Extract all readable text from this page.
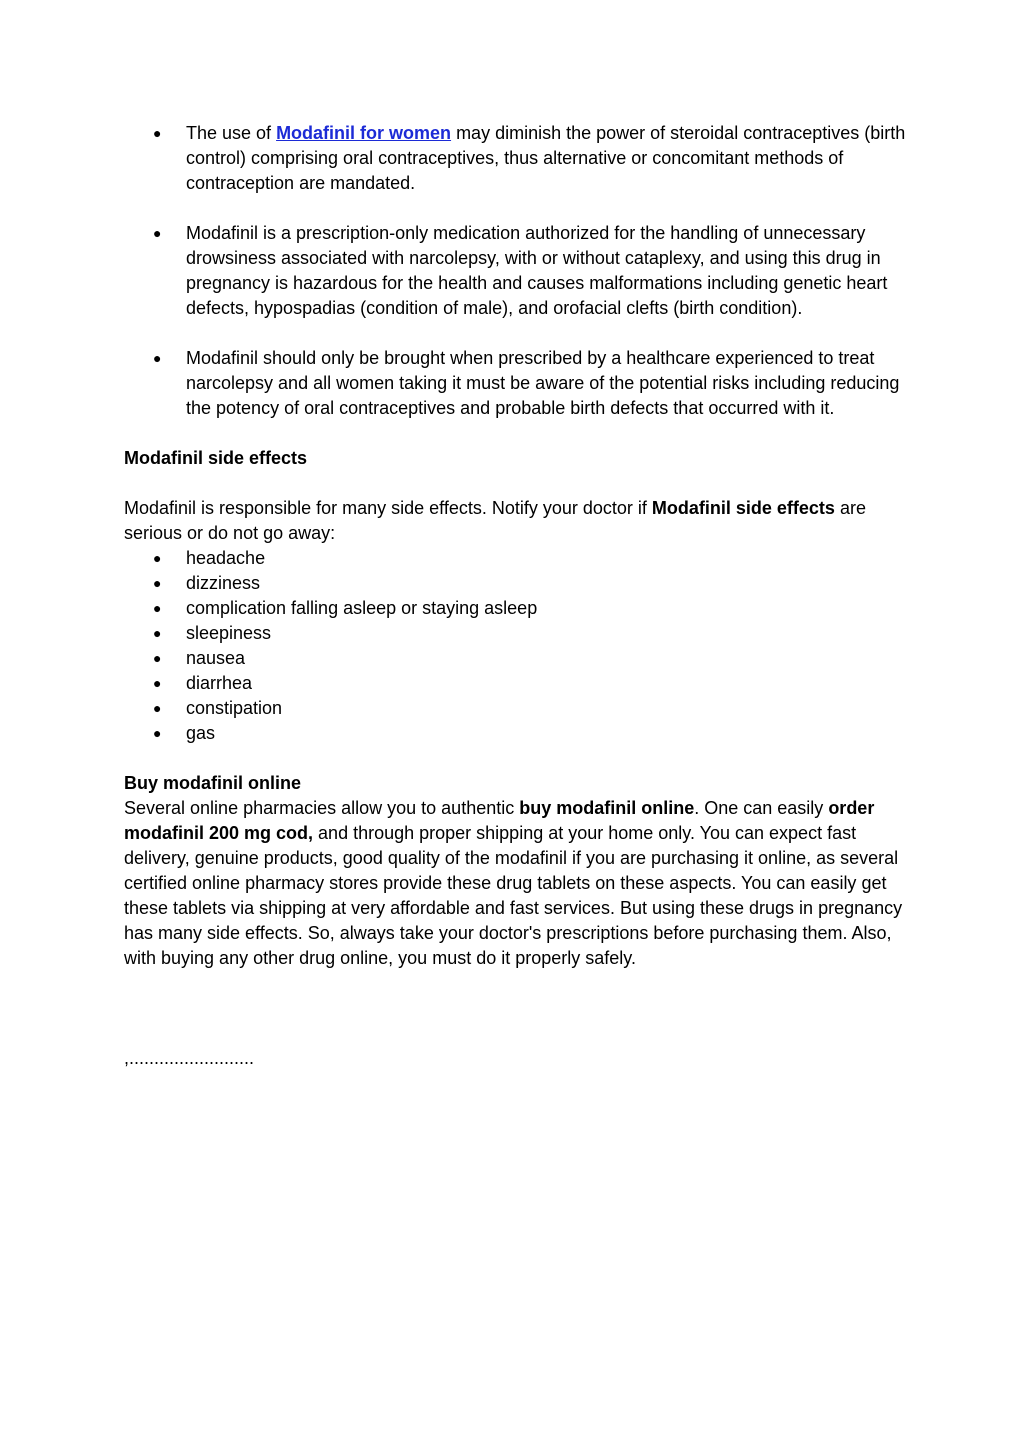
● The use of Modafinil for women may diminish the power of steroidal contraceptives (birth control) comprising oral contraceptives, thus alternative or concomitant methods of contraception are mandated.
● Modafinil is a prescription-only medication authorized for the handling of unnecessary drowsiness associated with narcolepsy, with or without cataplexy, and using this drug in pregnancy is hazardous for the health and causes malformations including genetic heart defects, hypospadias (condition of male), and orofacial clefts (birth condition).
● Modafinil should only be brought when prescribed by a healthcare experienced to treat narcolepsy and all women taking it must be aware of the potential risks including reducing the potency of oral contraceptives and probable birth defects that occurred with it.

Modafinil side effects

Modafinil is responsible for many side effects. Notify your doctor if Modafinil side effects are serious or do not go away:

● headache
● dizziness
● complication falling asleep or staying asleep
● sleepiness
● nausea
● diarrhea
● constipation
● gas

Buy modafinil online

Several online pharmacies allow you to authentic buy modafinil online. One can easily order modafinil 200 mg cod, and through proper shipping at your home only. You can expect fast delivery, genuine products, good quality of the modafinil if you are purchasing it online, as several certified online pharmacy stores provide these drug tablets on these aspects. You can easily get these tablets via shipping at very affordable and fast services. But using these drugs in pregnancy has many side effects. So, always take your doctor's prescriptions before purchasing them. Also, with buying any other drug online, you must do it properly safely.

,.........................
